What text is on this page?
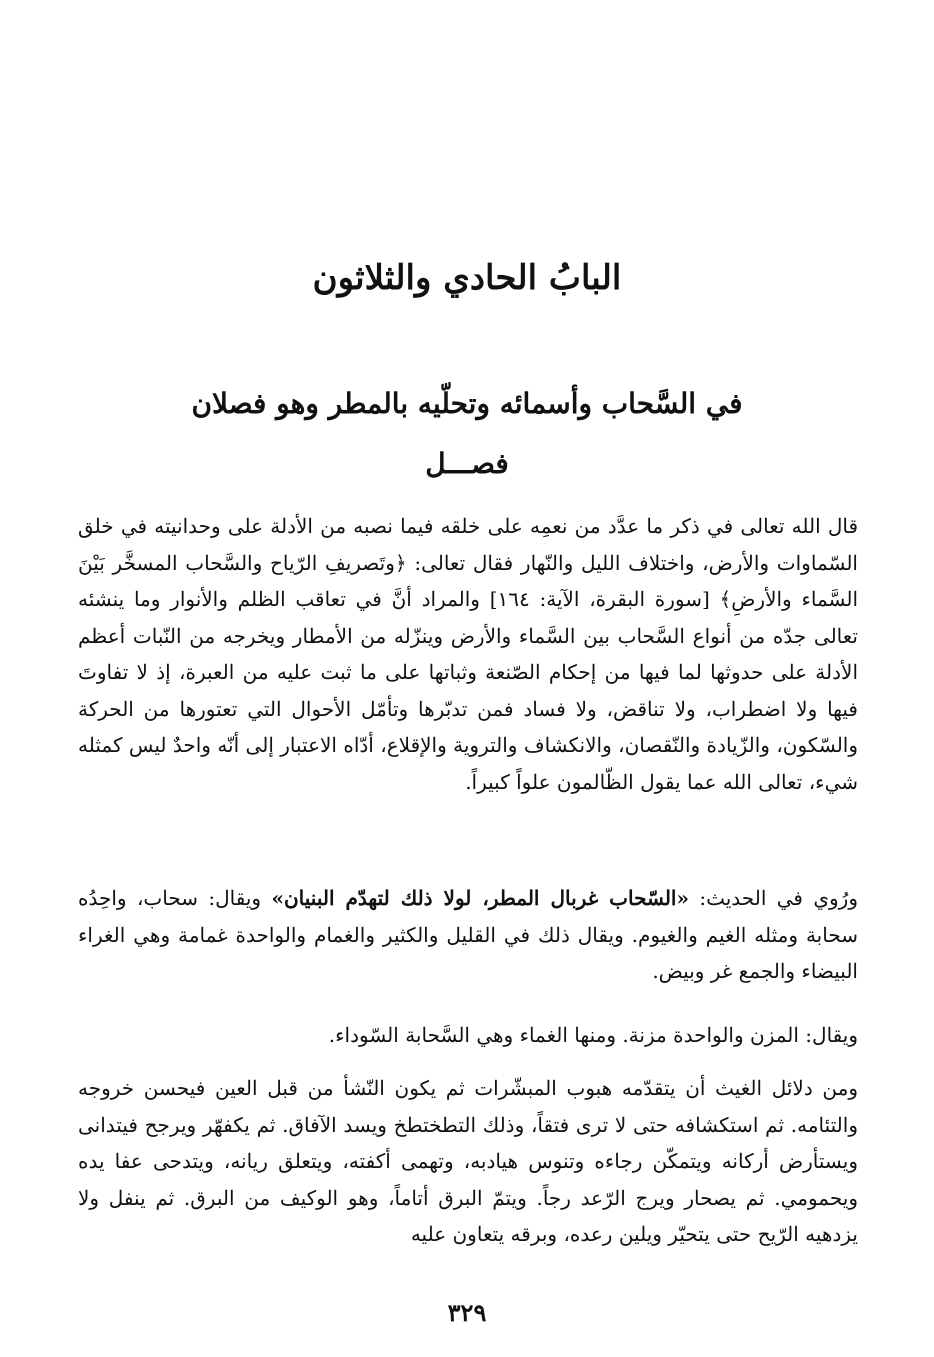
البابُ الحادي والثلاثون
في السَّحاب وأسمائه وتحلّيه بالمطر وهو فصلان
فصـــل

قال الله تعالى في ذكر ما عدَّد من نعمِه على خلقه فيما نصبه من الأدلة على وحدانيته في خلق السّماوات والأرض، واختلاف الليل والنّهار فقال تعالى: ﴿وتَصريفِ الرّياح والسَّحاب المسخَّر بَيْنَ السَّماء والأرضِ﴾ [سورة البقرة، الآية: ١٦٤] والمراد أنَّ في تعاقب الظلم والأنوار وما ينشئه تعالى جدّه من أنواع السَّحاب بين السَّماء والأرض وينزّله من الأمطار ويخرجه من النّبات أعظم الأدلة على حدوثها لما فيها من إحكام الصّنعة وثباتها على ما ثبت عليه من العبرة، إذ لا تفاوتَ فيها ولا اضطراب، ولا تناقض، ولا فساد فمن تدبّرها وتأمّل الأحوال التي تعتورها من الحركة والسّكون، والزّيادة والنّقصان، والانكشاف والتروية والإقلاع، أدّاه الاعتبار إلى أنّه واحدٌ ليس كمثله شيء، تعالى الله عما يقول الظّالمون علواً كبيراً.

ورُوي في الحديث: «السّحاب غربال المطر، لولا ذلك لتهدّم البنيان» ويقال: سحاب، واحِدُه سحابة ومثله الغيم والغيوم. ويقال ذلك في القليل والكثير والغمام والواحدة غمامة وهي الغراء البيضاء والجمع غر وبيض.

ويقال: المزن والواحدة مزنة. ومنها الغماء وهي السَّحابة السّوداء.

ومن دلائل الغيث أن يتقدّمه هبوب المبشّرات ثم يكون النّشأ من قبل العين فيحسن خروجه والتئامه. ثم استكشافه حتى لا ترى فتقاً، وذلك التطختطخ ويسد الآفاق. ثم يكفهّر ويرجح فيتدانى ويستأرض أركانه ويتمكّن رجاءه وتنوس هيادبه، وتهمى أكفته، ويتعلق ريانه، ويتدحى عفا يده ويحمومي. ثم يصحار ويرج الرّعد رجاً. ويتمّ البرق أتاماً، وهو الوكيف من البرق. ثم ينفل ولا يزدهيه الرّيح حتى يتحيّر ويلين رعده، وبرقه يتعاون عليه

٣٢٩
